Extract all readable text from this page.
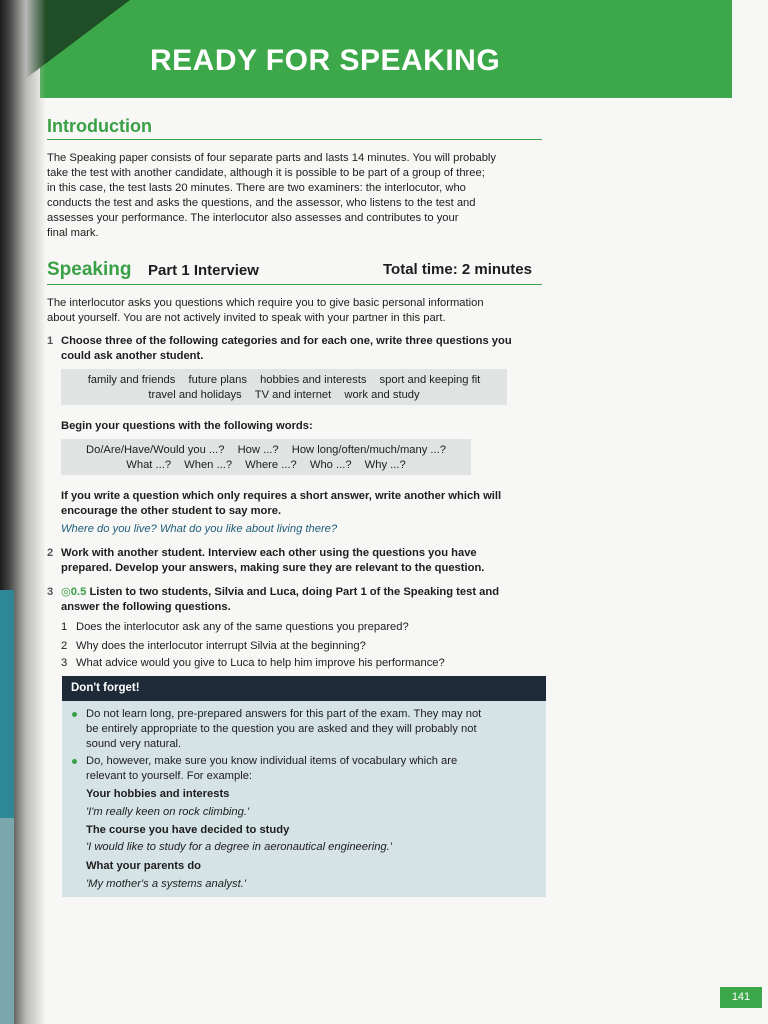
READY FOR SPEAKING
Introduction

The Speaking paper consists of four separate parts and lasts 14 minutes. You will probably

take the test with another candidate, although it is possible to be part of a group of three;

in this case, the test lasts 20 minutes. There are two examiners: the interlocutor, who

conducts the test and asks the questions, and the assessor, who listens to the test and

assesses your performance. The interlocutor also assesses and contributes to your

final mark.

Speaking Part 1 Interview	Total time: 2 minutes

The interlocutor asks you questions which require you to give basic personal information

about yourself. You are not actively invited to speak with your partner in this part.

1 Choose three of the following categories and for each one, write three questions you

could ask another student.

family and friends future plans hobbies and interests sport and keeping fit
travel and holidays TV and internet work and study

Begin your questions with the following words:

Do/Are/Have/Would you ...? How ...? How long/often/much/many ...?
What ...? When ...? Where ...? Who ...? Why ...?

If you write a question which only requires a short answer, write another which will

encourage the other student to say more.

Where do you live? What do you like about living there?

2 Work with another student. Interview each other using the questions you have

prepared. Develop your answers, making sure they are relevant to the question.

3 ◎0.5 Listen to two students, Silvia and Luca, doing Part 1 of the Speaking test and

answer the following questions.

1 Does the interlocutor ask any of the same questions you prepared?
2 Why does the interlocutor interrupt Silvia at the beginning?
3 What advice would you give to Luca to help him improve his performance?
Don't forget!

Do not learn long, pre-prepared answers for this part of the exam. They may not

be entirely appropriate to the question you are asked and they will probably not

sound very natural.

Do, however, make sure you know individual items of vocabulary which are

relevant to yourself. For example:

Your hobbies and interests
'I'm really keen on rock climbing.'
The course you have decided to study
'I would like to study for a degree in aeronautical engineering.'
What your parents do
'My mother's a systems analyst.'
141
